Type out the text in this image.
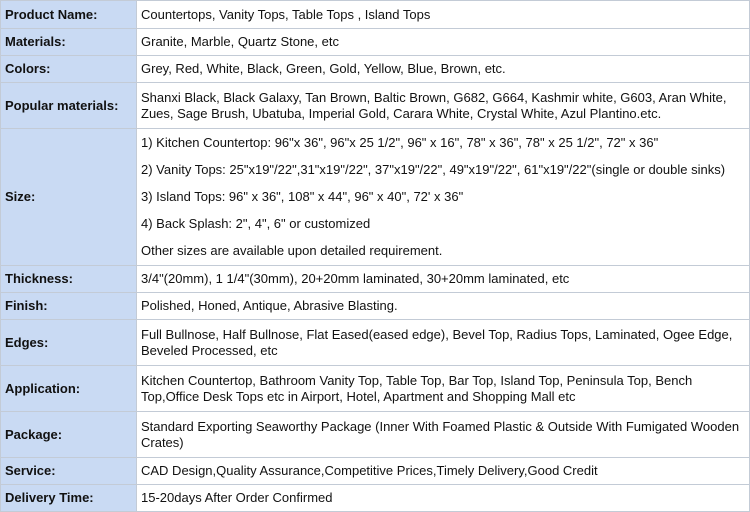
Product Name:	Countertops, Vanity Tops, Table Tops , Island Tops
Materials:	Granite, Marble, Quartz Stone, etc
Colors:	Grey, Red, White, Black, Green, Gold, Yellow, Blue, Brown, etc.
Popular materials:	Shanxi Black, Black Galaxy, Tan Brown, Baltic Brown, G682, G664, Kashmir white, G603, Aran White, Zues, Sage Brush, Ubatuba, Imperial Gold, Carara White, Crystal White, Azul Plantino.etc.
Size:	1) Kitchen Countertop: 96"x 36", 96"x 25 1/2", 96" x 16", 78" x 36", 78" x 25 1/2", 72" x 36"
2) Vanity Tops: 25"x19"/22",31"x19"/22", 37"x19"/22", 49"x19"/22", 61"x19"/22"(single or double sinks)
3) Island Tops: 96" x 36", 108" x 44", 96" x 40", 72' x 36"
4) Back Splash: 2", 4", 6" or customized
Other sizes are available upon detailed requirement.

Thickness:	3/4"(20mm), 1 1/4"(30mm), 20+20mm laminated, 30+20mm laminated, etc
Finish:	Polished, Honed, Antique, Abrasive Blasting.
Edges:	Full Bullnose, Half Bullnose, Flat Eased(eased edge), Bevel Top, Radius Tops, Laminated, Ogee Edge, Beveled Processed, etc
Application:	Kitchen Countertop, Bathroom Vanity Top, Table Top, Bar Top, Island Top, Peninsula Top, Bench Top,Office Desk Tops etc in Airport, Hotel, Apartment and Shopping Mall etc
Package:	Standard Exporting Seaworthy Package (Inner With Foamed Plastic & Outside With Fumigated Wooden Crates)
Service:	CAD Design,Quality Assurance,Competitive Prices,Timely Delivery,Good Credit
Delivery Time:	15-20days After Order Confirmed
